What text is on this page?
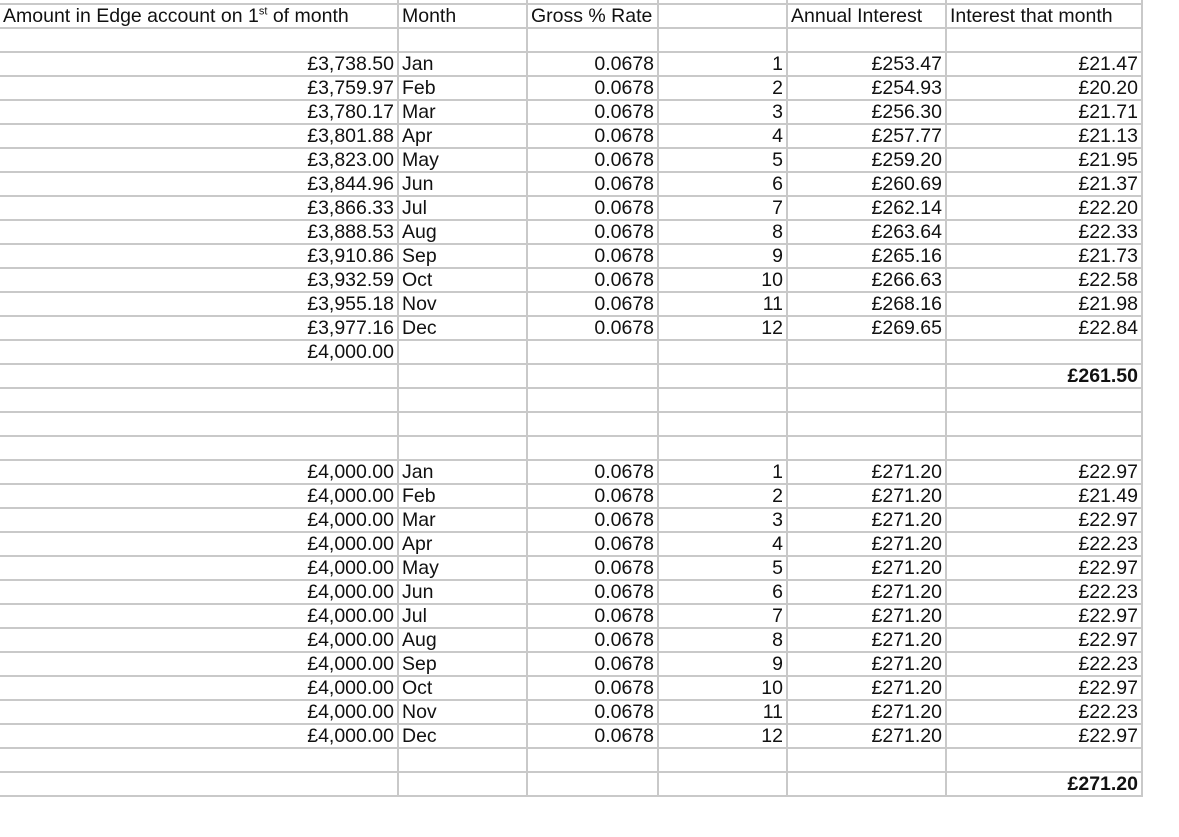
Amount in Edge account on 1st of month	Month	Gross % Rate		Annual Interest	Interest that month

£3,738.50	Jan	0.0678	1	£253.47	£21.47
£3,759.97	Feb	0.0678	2	£254.93	£20.20
£3,780.17	Mar	0.0678	3	£256.30	£21.71
£3,801.88	Apr	0.0678	4	£257.77	£21.13
£3,823.00	May	0.0678	5	£259.20	£21.95
£3,844.96	Jun	0.0678	6	£260.69	£21.37
£3,866.33	Jul	0.0678	7	£262.14	£22.20
£3,888.53	Aug	0.0678	8	£263.64	£22.33
£3,910.86	Sep	0.0678	9	£265.16	£21.73
£3,932.59	Oct	0.0678	10	£266.63	£22.58
£3,955.18	Nov	0.0678	11	£268.16	£21.98
£3,977.16	Dec	0.0678	12	£269.65	£22.84
£4,000.00					
					£261.50

£4,000.00	Jan	0.0678	1	£271.20	£22.97
£4,000.00	Feb	0.0678	2	£271.20	£21.49
£4,000.00	Mar	0.0678	3	£271.20	£22.97
£4,000.00	Apr	0.0678	4	£271.20	£22.23
£4,000.00	May	0.0678	5	£271.20	£22.97
£4,000.00	Jun	0.0678	6	£271.20	£22.23
£4,000.00	Jul	0.0678	7	£271.20	£22.97
£4,000.00	Aug	0.0678	8	£271.20	£22.97
£4,000.00	Sep	0.0678	9	£271.20	£22.23
£4,000.00	Oct	0.0678	10	£271.20	£22.97
£4,000.00	Nov	0.0678	11	£271.20	£22.23
£4,000.00	Dec	0.0678	12	£271.20	£22.97

					£271.20
